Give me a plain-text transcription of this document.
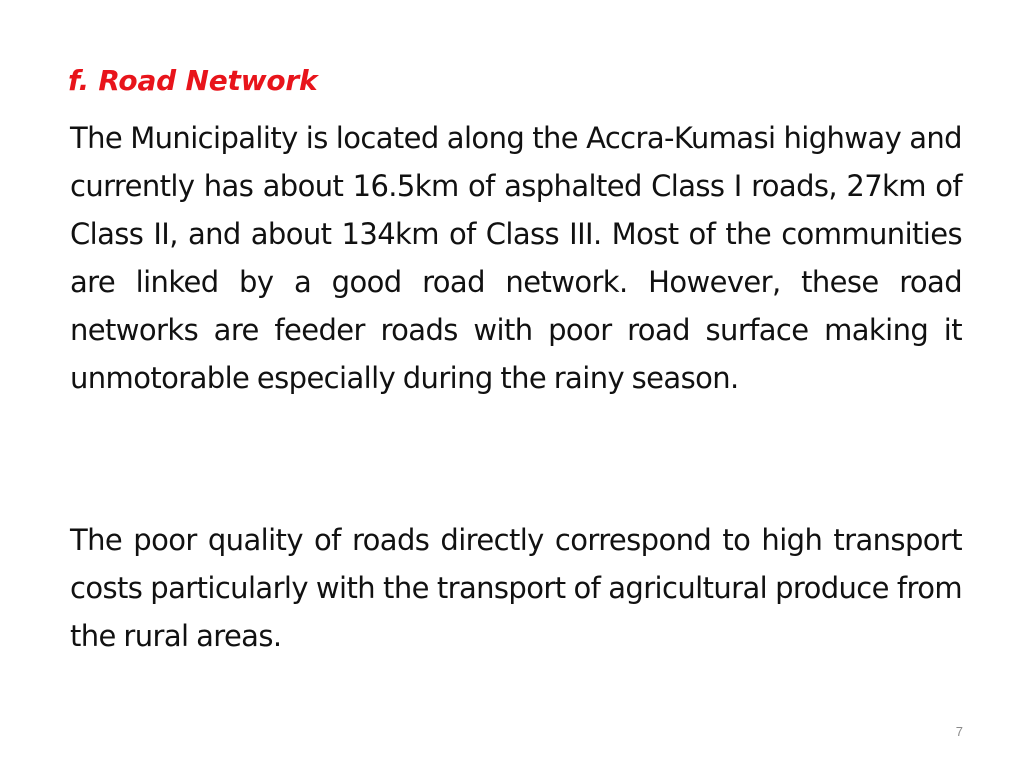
f. Road Network

The Municipality is located along the Accra-Kumasi highway and currently has about 16.5km of asphalted Class I roads, 27km of Class II, and about 134km of Class III. Most of the communities are linked by a good road network. However, these road networks are feeder roads with poor road surface making it unmotorable especially during the rainy season.

The poor quality of roads directly correspond to high transport costs particularly with the transport of agricultural produce from the rural areas.

7
